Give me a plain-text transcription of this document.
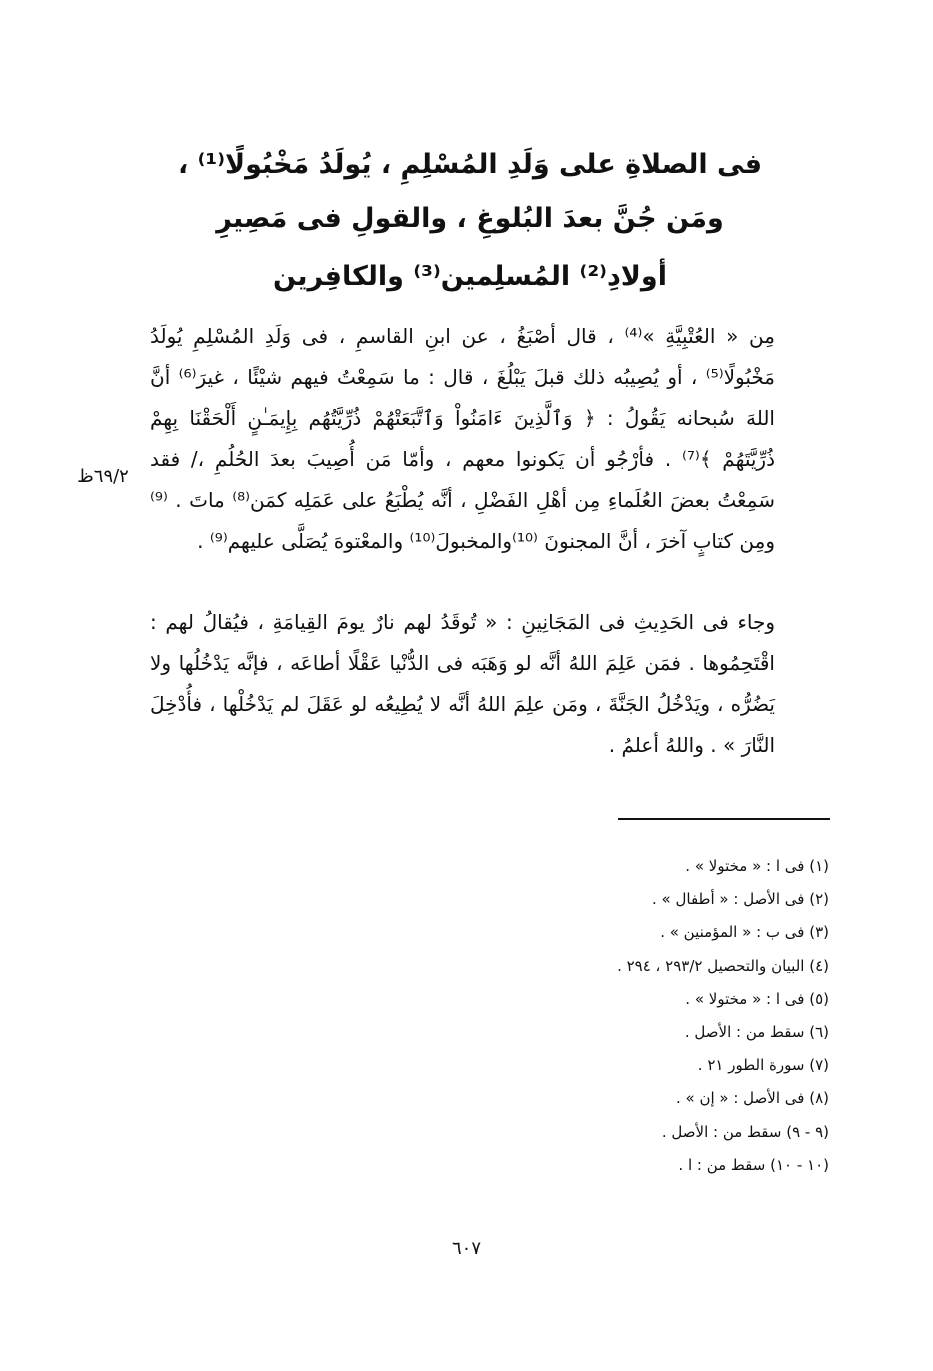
فى الصلاةِ على وَلَدِ المُسْلِمِ ، يُولَدُ مَخْبُولًا⁽¹⁾ ،
ومَن جُنَّ بعدَ البُلوغِ ، والقولِ فى مَصِيرِ
أولادِ⁽²⁾ المُسلِمين⁽³⁾ والكافِرين

مِن « العُتْبِيَّةِ »⁽⁴⁾ ، قال أصْبَغُ ، عن ابنِ القاسمِ ، فى وَلَدِ المُسْلِمِ يُولَدُ مَخْبُولًا⁽⁵⁾ ، أو يُصِيبُه ذلك قبلَ يَبْلُغَ ، قال : ما سَمِعْتُ فيهم شيْئًا ، غيرَ⁽⁶⁾ أنَّ اللهَ سُبحانه يَقُولُ : ﴿ وَٱلَّذِينَ ءَامَنُواْ وَٱتَّبَعَتْهُمْ ذُرِّيَّتُهُم بِإِيمَـٰنٍ أَلْحَقْنَا بِهِمْ ذُرِّيَّتَهُمْ ﴾⁽⁷⁾ . فأرْجُو أن يَكونوا معهم ، وأمّا مَن أُصِيبَ بعدَ الحُلُمِ ،/ فقد سَمِعْتُ بعضَ العُلَماءِ مِن أهْلِ الفَضْلِ ، أنَّه يُطْبَعُ على عَمَلِه كمَن⁽⁸⁾ ماتَ . ⁽⁹⁾ومِن كتابٍ آخرَ ، أنَّ المجنونَ ⁽¹⁰⁾والمخبولَ⁽¹⁰⁾ والمعْتوهَ يُصَلَّى عليهم⁽⁹⁾ .

٦٩/٢ظ

وجاء فى الحَدِيثِ فى المَجَانِينِ : « تُوقَدُ لهم نارٌ يومَ القِيامَةِ ، فيُقالُ لهم : اقْتَحِمُوها . فمَن عَلِمَ اللهُ أنَّه لو وَهَبَه فى الدُّنْيا عَقْلًا أطاعَه ، فإنَّه يَدْخُلُها ولا يَضُرُّه ، ويَدْخُلُ الجَنَّةَ ، ومَن علِمَ اللهُ أنَّه لا يُطِيعُه لو عَقَلَ لم يَدْخُلْها ، فأُدْخِلَ النَّارَ » . واللهُ أعلمُ .

(١) فى ا : « مختولا » .
(٢) فى الأصل : « أطفال » .
(٣) فى ب : « المؤمنين » .
(٤) البيان والتحصيل ٢٩٣/٢ ، ٢٩٤ .
(٥) فى ا : « مختولا » .
(٦) سقط من : الأصل .
(٧) سورة الطور ٢١ .
(٨) فى الأصل : « إن » .
(٩ - ٩) سقط من : الأصل .
(١٠ - ١٠) سقط من : ا .
٦٠٧
